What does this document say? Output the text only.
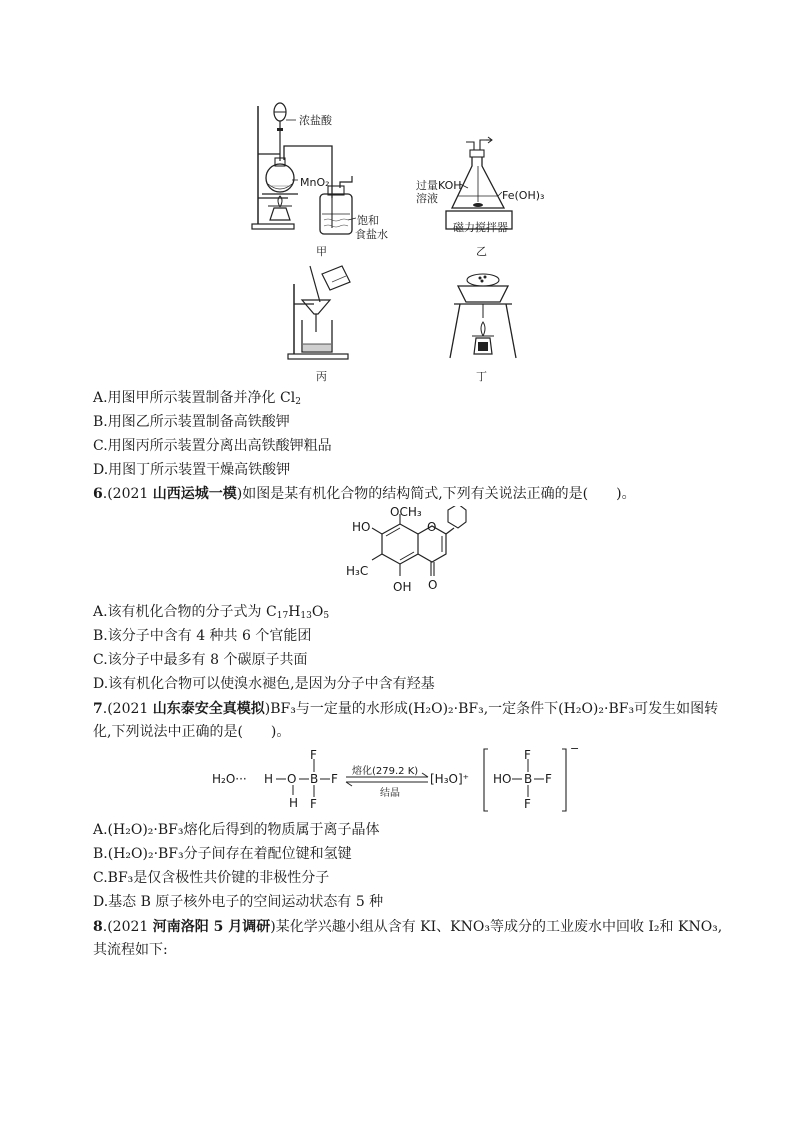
浓盐酸
MnO₂
饱和
食盐水
甲
过量KOH
溶液	Fe(OH)₃
磁力搅拌器
乙
丙	丁
A.用图甲所示装置制备并净化 $Cl_2$
B.用图乙所示装置制备高铁酸钾
C.用图丙所示装置分离出高铁酸钾粗品
D.用图丁所示装置干燥高铁酸钾
6.(2021 山西运城一模)如图是某有机化合物的结构简式,下列有关说法正确的是(　　)。
OCH₃
HO	O
H₃C
OH O
A.该有机化合物的分子式为 $C_{17}H_{13}O_5$
B.该分子中含有 4 种共 6 个官能团
C.该分子中最多有 8 个碳原子共面
D.该有机化合物可以使溴水褪色,是因为分子中含有羟基
7.(2021 山东泰安全真模拟)BF₃与一定量的水形成(H₂O)₂·BF₃,一定条件下(H₂O)₂·BF₃可发生如图转
化,下列说法中正确的是(　　)。
H₂O··· H O
H
B
F
F
F
熔化(279.2 K)
结晶
[H₃O]⁺ HO B
F
F
F
−
A.(H₂O)₂·BF₃熔化后得到的物质属于离子晶体
B.(H₂O)₂·BF₃分子间存在着配位键和氢键
C.BF₃是仅含极性共价键的非极性分子
D.基态 B 原子核外电子的空间运动状态有 5 种
8.(2021 河南洛阳 5 月调研)某化学兴趣小组从含有 KI、KNO₃等成分的工业废水中回收 I₂和 KNO₃,
其流程如下:
